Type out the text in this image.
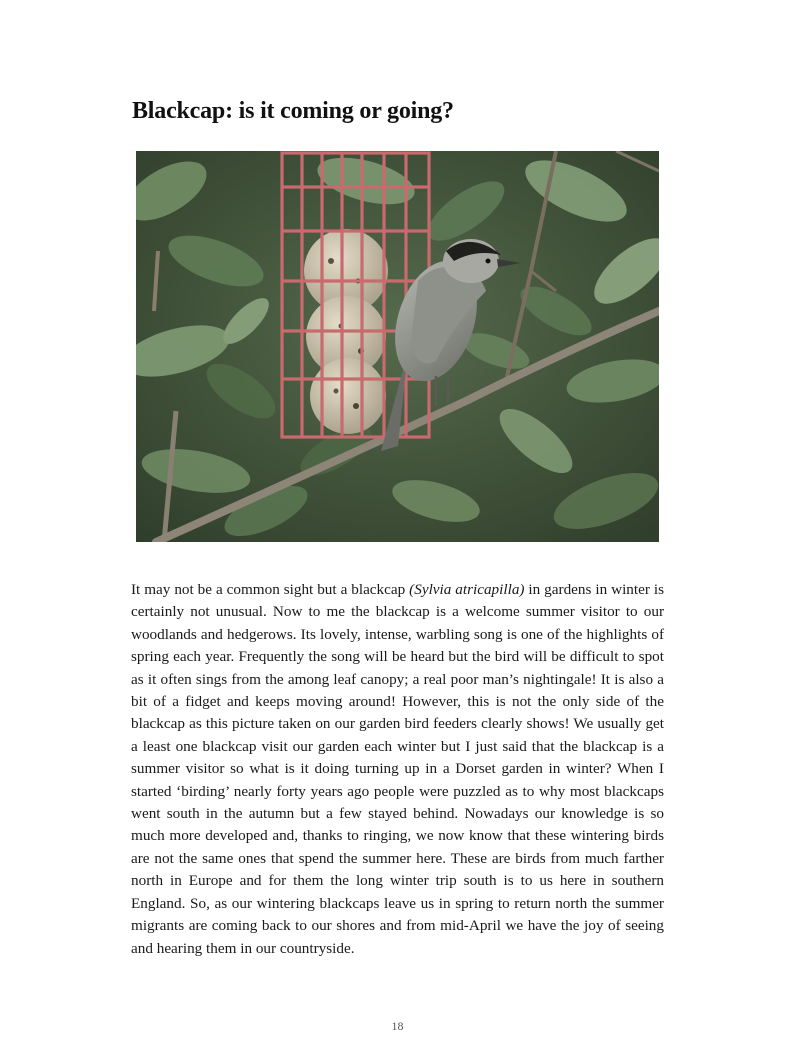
Blackcap: is it coming or going?

It may not be a common sight but a blackcap (Sylvia atricapilla) in gardens in winter is certainly not unusual. Now to me the blackcap is a welcome summer visitor to our woodlands and hedgerows. Its lovely, intense, warbling song is one of the highlights of spring each year. Frequently the song will be heard but the bird will be difficult to spot as it often sings from the among leaf canopy; a real poor man’s nightingale! It is also a bit of a fidget and keeps moving around! However, this is not the only side of the blackcap as this picture taken on our garden bird feeders clearly shows! We usually get a least one blackcap visit our garden each winter but I just said that the blackcap is a summer visitor so what is it doing turning up in a Dorset garden in winter? When I started ‘birding’ nearly forty years ago people were puzzled as to why most blackcaps went south in the autumn but a few stayed behind. Nowadays our knowledge is so much more developed and, thanks to ringing, we now know that these wintering birds are not the same ones that spend the summer here. These are birds from much farther north in Europe and for them the long winter trip south is to us here in southern England. So, as our wintering blackcaps leave us in spring to return north the summer migrants are coming back to our shores and from mid-April we have the joy of seeing and hearing them in our countryside.

18
